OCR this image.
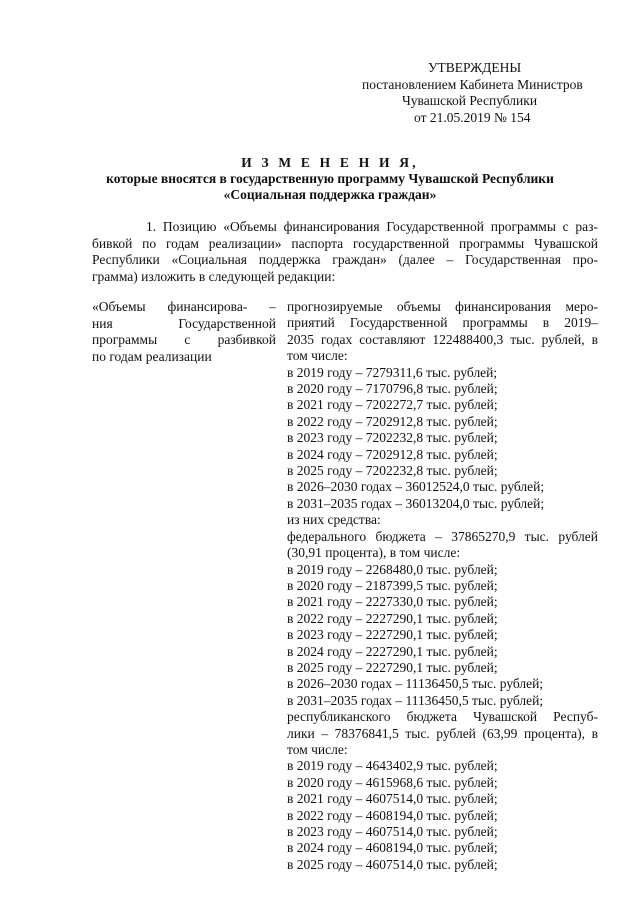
УТВЕРЖДЕНЫ
постановлением Кабинета Министров
Чувашской Республики
от 21.05.2019 № 154
И З М Е Н Е Н И Я,
которые вносятся в государственную программу Чувашской Республики
«Социальная поддержка граждан»
1. Позицию «Объемы финансирования Государственной программы с раз-
бивкой по годам реализации» паспорта государственной программы Чувашской
Республики «Социальная поддержка граждан» (далее – Государственная про-
грамма) изложить в следующей редакции:
«Объемы финансирова- –
ния Государственной
программы с разбивкой
по годам реализации
прогнозируемые объемы финансирования меро-
приятий Государственной программы в 2019–
2035 годах составляют 122488400,3 тыс. рублей, в
том числе:
в 2019 году – 7279311,6 тыс. рублей;
в 2020 году – 7170796,8 тыс. рублей;
в 2021 году – 7202272,7 тыс. рублей;
в 2022 году – 7202912,8 тыс. рублей;
в 2023 году – 7202232,8 тыс. рублей;
в 2024 году – 7202912,8 тыс. рублей;
в 2025 году – 7202232,8 тыс. рублей;
в 2026–2030 годах – 36012524,0 тыс. рублей;
в 2031–2035 годах – 36013204,0 тыс. рублей;
из них средства:
федерального бюджета – 37865270,9 тыс. рублей
(30,91 процента), в том числе:
в 2019 году – 2268480,0 тыс. рублей;
в 2020 году – 2187399,5 тыс. рублей;
в 2021 году – 2227330,0 тыс. рублей;
в 2022 году – 2227290,1 тыс. рублей;
в 2023 году – 2227290,1 тыс. рублей;
в 2024 году – 2227290,1 тыс. рублей;
в 2025 году – 2227290,1 тыс. рублей;
в 2026–2030 годах – 11136450,5 тыс. рублей;
в 2031–2035 годах – 11136450,5 тыс. рублей;
республиканского бюджета Чувашской Респуб-
лики – 78376841,5 тыс. рублей (63,99 процента), в
том числе:
в 2019 году – 4643402,9 тыс. рублей;
в 2020 году – 4615968,6 тыс. рублей;
в 2021 году – 4607514,0 тыс. рублей;
в 2022 году – 4608194,0 тыс. рублей;
в 2023 году – 4607514,0 тыс. рублей;
в 2024 году – 4608194,0 тыс. рублей;
в 2025 году – 4607514,0 тыс. рублей;
